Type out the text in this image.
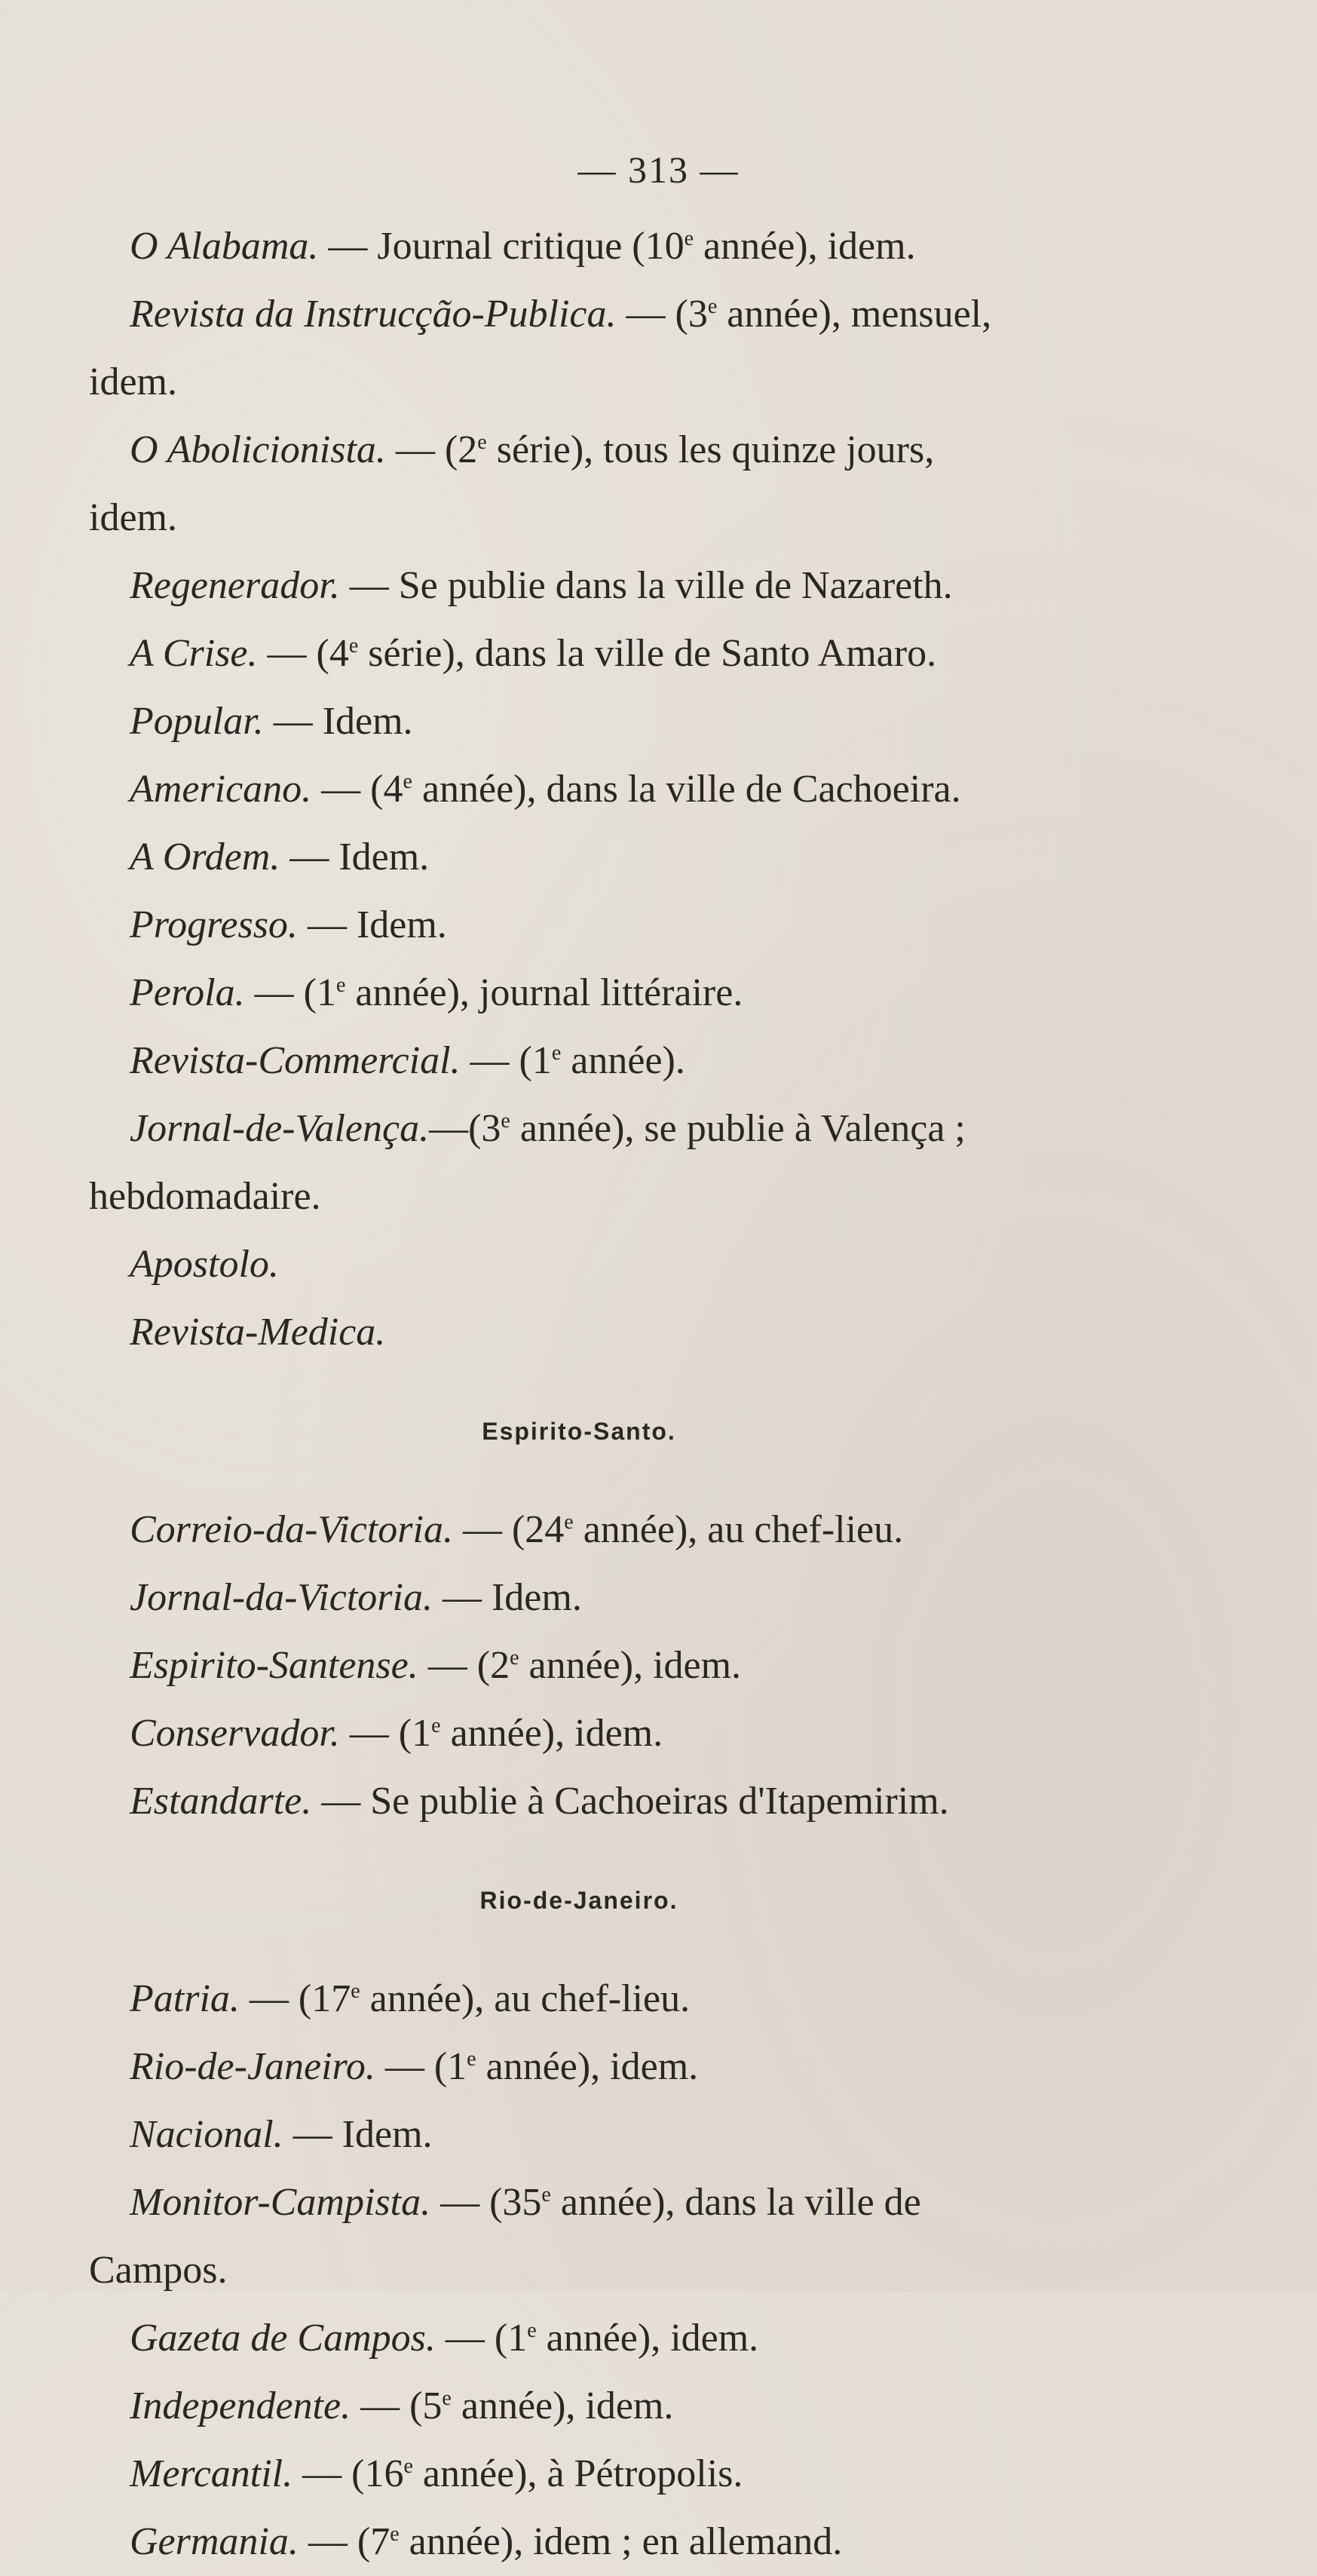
— 313 —
O Alabama. — Journal critique (10e année), idem.
Revista da Instrucção-Publica. — (3e année), mensuel,
idem.
O Abolicionista. — (2e série), tous les quinze jours,
idem.
Regenerador. — Se publie dans la ville de Nazareth.
A Crise. — (4e série), dans la ville de Santo Amaro.
Popular. — Idem.
Americano. — (4e année), dans la ville de Cachoeira.
A Ordem. — Idem.
Progresso. — Idem.
Perola. — (1e année), journal littéraire.
Revista-Commercial. — (1e année).
Jornal-de-Valença.—(3e année), se publie à Valença ;
hebdomadaire.
Apostolo.
Revista-Medica.
Espirito-Santo.
Correio-da-Victoria. — (24e année), au chef-lieu.
Jornal-da-Victoria. — Idem.
Espirito-Santense. — (2e année), idem.
Conservador. — (1e année), idem.
Estandarte. — Se publie à Cachoeiras d'Itapemirim.
Rio-de-Janeiro.
Patria. — (17e année), au chef-lieu.
Rio-de-Janeiro. — (1e année), idem.
Nacional. — Idem.
Monitor-Campista. — (35e année), dans la ville de
Campos.
Gazeta de Campos. — (1e année), idem.
Independente. — (5e année), idem.
Mercantil. — (16e année), à Pétropolis.
Germania. — (7e année), idem ; en allemand.
